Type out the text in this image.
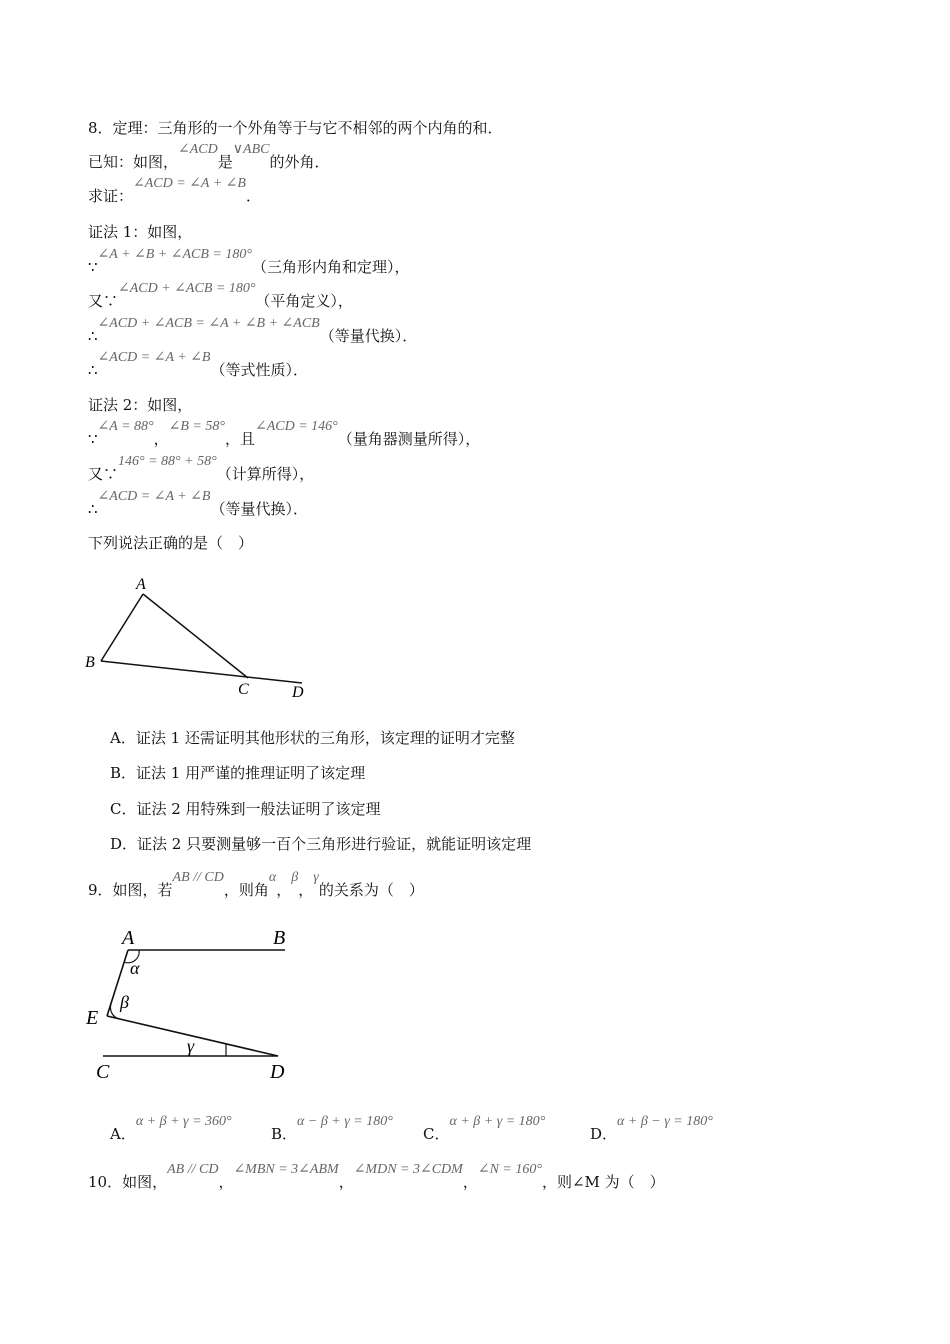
8．定理：三角形的一个外角等于与它不相邻的两个内角的和．
已知：如图，∠ACD是∨ABC的外角．
求证：∠ACD = ∠A + ∠B．
证法 1：如图，
∵∠A + ∠B + ∠ACB = 180°（三角形内角和定理），
又∵∠ACD + ∠ACB = 180°（平角定义），
∴∠ACD + ∠ACB = ∠A + ∠B + ∠ACB（等量代换）．
∴∠ACD = ∠A + ∠B（等式性质）．
证法 2：如图，
∵∠A = 88°，∠B = 58°，且∠ACD = 146°（量角器测量所得），
又∵146° = 88° + 58°（计算所得），
∴∠ACD = ∠A + ∠B（等量代换）．
下列说法正确的是（　）
A
B
C	D
A．证法 1 还需证明其他形状的三角形，该定理的证明才完整
B．证法 1 用严谨的推理证明了该定理
C．证法 2 用特殊到一般法证明了该定理
D．证法 2 只要测量够一百个三角形进行验证，就能证明该定理
9．如图，若AB // CD，则角α，β，γ的关系为（　）
A	B
E
C	D
α
β
γ
A．α + β + γ = 360°
B．α − β + γ = 180°
C．α + β + γ = 180°
D．α + β − γ = 180°
10．如图，AB // CD，∠MBN = 3∠ABM，∠MDN = 3∠CDM，∠N = 160°，则∠M 为（　）
